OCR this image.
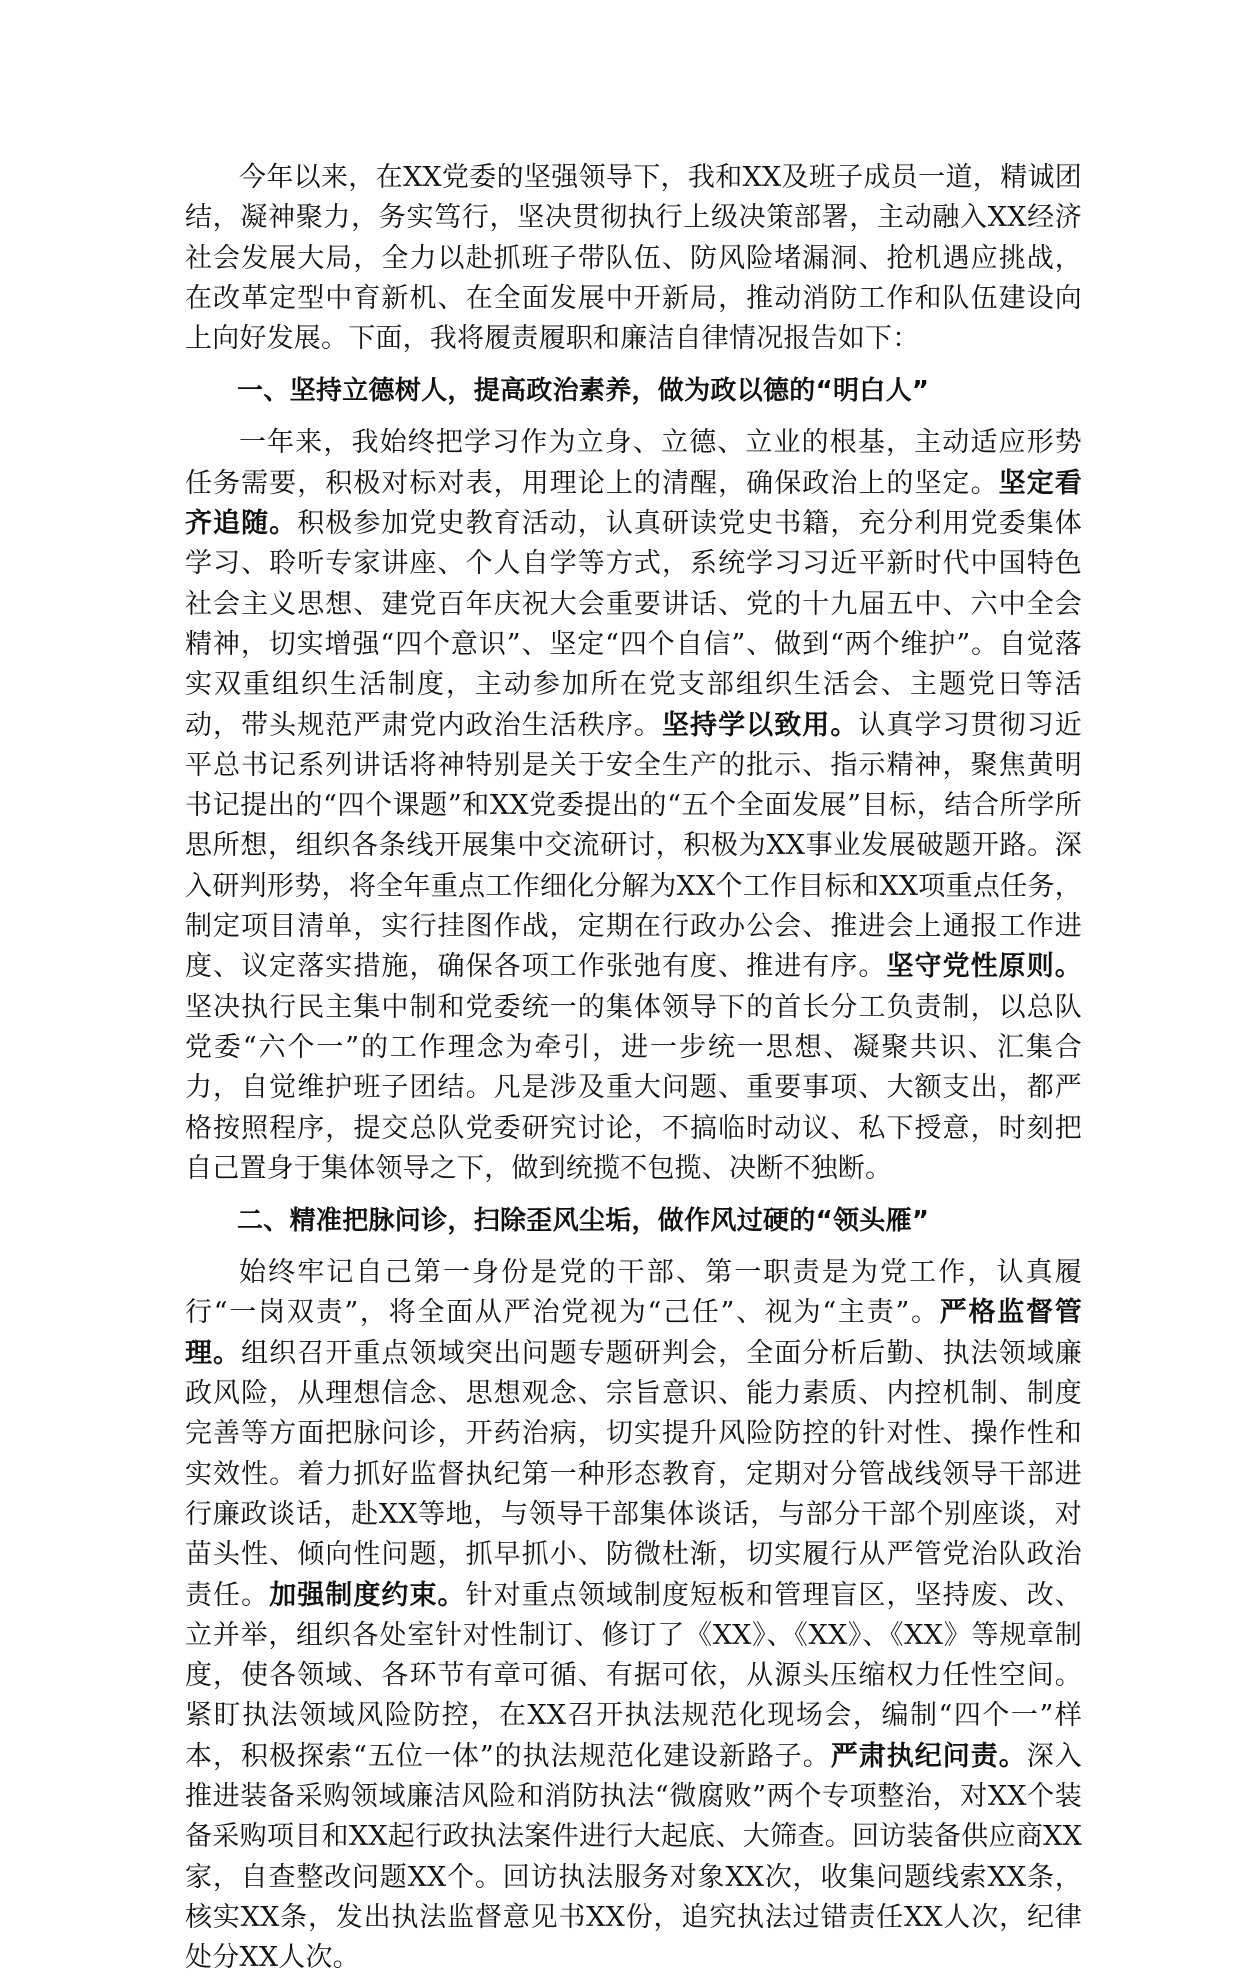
今年以来，在XX党委的坚强领导下，我和XX及班子成员一道，精诚团结，凝神聚力，务实笃行，坚决贯彻执行上级决策部署，主动融入XX经济社会发展大局，全力以赴抓班子带队伍、防风险堵漏洞、抢机遇应挑战，在改革定型中育新机、在全面发展中开新局，推动消防工作和队伍建设向上向好发展。下面，我将履责履职和廉洁自律情况报告如下：

一、坚持立德树人，提高政治素养，做为政以德的“明白人”

一年来，我始终把学习作为立身、立德、立业的根基，主动适应形势任务需要，积极对标对表，用理论上的清醒，确保政治上的坚定。坚定看齐追随。积极参加党史教育活动，认真研读党史书籍，充分利用党委集体学习、聆听专家讲座、个人自学等方式，系统学习习近平新时代中国特色社会主义思想、建党百年庆祝大会重要讲话、党的十九届五中、六中全会精神，切实增强“四个意识”、坚定“四个自信”、做到“两个维护”。自觉落实双重组织生活制度，主动参加所在党支部组织生活会、主题党日等活动，带头规范严肃党内政治生活秩序。坚持学以致用。认真学习贯彻习近平总书记系列讲话将神特别是关于安全生产的批示、指示精神，聚焦黄明书记提出的“四个课题”和XX党委提出的“五个全面发展”目标，结合所学所思所想，组织各条线开展集中交流研讨，积极为XX事业发展破题开路。深入研判形势，将全年重点工作细化分解为XX个工作目标和XX项重点任务，制定项目清单，实行挂图作战，定期在行政办公会、推进会上通报工作进度、议定落实措施，确保各项工作张弛有度、推进有序。坚守党性原则。坚决执行民主集中制和党委统一的集体领导下的首长分工负责制，以总队党委“六个一”的工作理念为牵引，进一步统一思想、凝聚共识、汇集合力，自觉维护班子团结。凡是涉及重大问题、重要事项、大额支出，都严格按照程序，提交总队党委研究讨论，不搞临时动议、私下授意，时刻把自己置身于集体领导之下，做到统揽不包揽、决断不独断。

二、精准把脉问诊，扫除歪风尘垢，做作风过硬的“领头雁”

始终牢记自己第一身份是党的干部、第一职责是为党工作，认真履行“一岗双责”，将全面从严治党视为“己任”、视为“主责”。严格监督管理。组织召开重点领域突出问题专题研判会，全面分析后勤、执法领域廉政风险，从理想信念、思想观念、宗旨意识、能力素质、内控机制、制度完善等方面把脉问诊，开药治病，切实提升风险防控的针对性、操作性和实效性。着力抓好监督执纪第一种形态教育，定期对分管战线领导干部进行廉政谈话，赴XX等地，与领导干部集体谈话，与部分干部个别座谈，对苗头性、倾向性问题，抓早抓小、防微杜渐，切实履行从严管党治队政治责任。加强制度约束。针对重点领域制度短板和管理盲区，坚持废、改、立并举，组织各处室针对性制订、修订了《XX》、《XX》、《XX》等规章制度，使各领域、各环节有章可循、有据可依，从源头压缩权力任性空间。紧盯执法领域风险防控，在XX召开执法规范化现场会，编制“四个一”样本，积极探索“五位一体”的执法规范化建设新路子。严肃执纪问责。深入推进装备采购领域廉洁风险和消防执法“微腐败”两个专项整治，对XX个装备采购项目和XX起行政执法案件进行大起底、大筛查。回访装备供应商XX家，自查整改问题XX个。回访执法服务对象XX次，收集问题线索XX条，核实XX条，发出执法监督意见书XX份，追究执法过错责任XX人次，纪律处分XX人次。
